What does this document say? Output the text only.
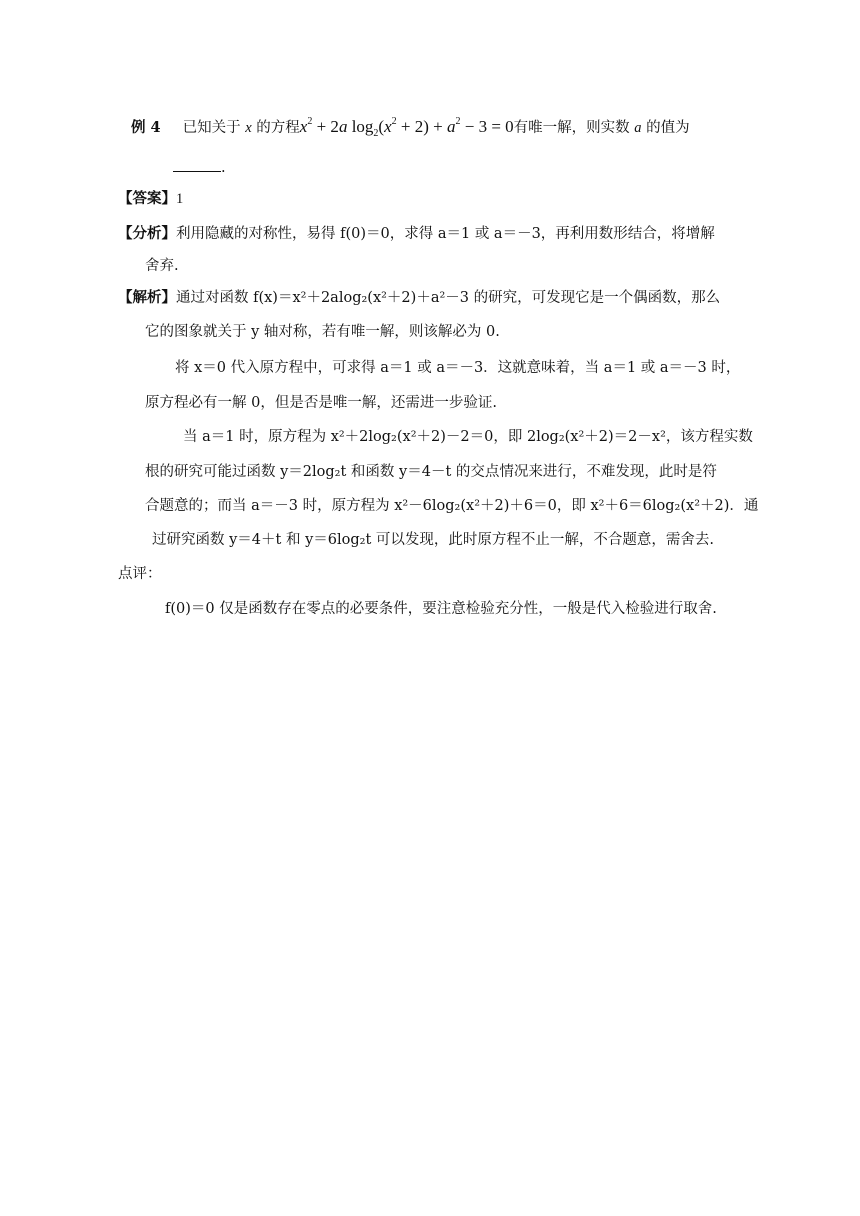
例 4 已知关于 x 的方程$x^2 + 2a$ $\log_2(x^2 + 2) + a^2 - 3 = 0$有唯一解，则实数 a 的值为
.
【答案】1
【分析】利用隐藏的对称性，易得 f(0)＝0，求得 a＝1 或 a＝－3，再利用数形结合，将增解
舍弃.
【解析】通过对函数 f(x)＝x²＋2alog₂(x²＋2)＋a²－3 的研究，可发现它是一个偶函数，那么
它的图象就关于 y 轴对称，若有唯一解，则该解必为 0.
将 x＝0 代入原方程中，可求得 a＝1 或 a＝－3．这就意味着，当 a＝1 或 a＝－3 时，
原方程必有一解 0，但是否是唯一解，还需进一步验证.
当 a＝1 时，原方程为 x²＋2log₂(x²＋2)－2＝0，即 2log₂(x²＋2)＝2－x²，该方程实数
根的研究可能过函数 y＝2log₂t 和函数 y＝4－t 的交点情况来进行，不难发现，此时是符
合题意的；而当 a＝－3 时，原方程为 x²－6log₂(x²＋2)＋6＝0，即 x²＋6＝6log₂(x²＋2)．通
过研究函数 y＝4＋t 和 y＝6log₂t 可以发现，此时原方程不止一解，不合题意，需舍去.
点评：
f(0)＝0 仅是函数存在零点的必要条件，要注意检验充分性，一般是代入检验进行取舍.
